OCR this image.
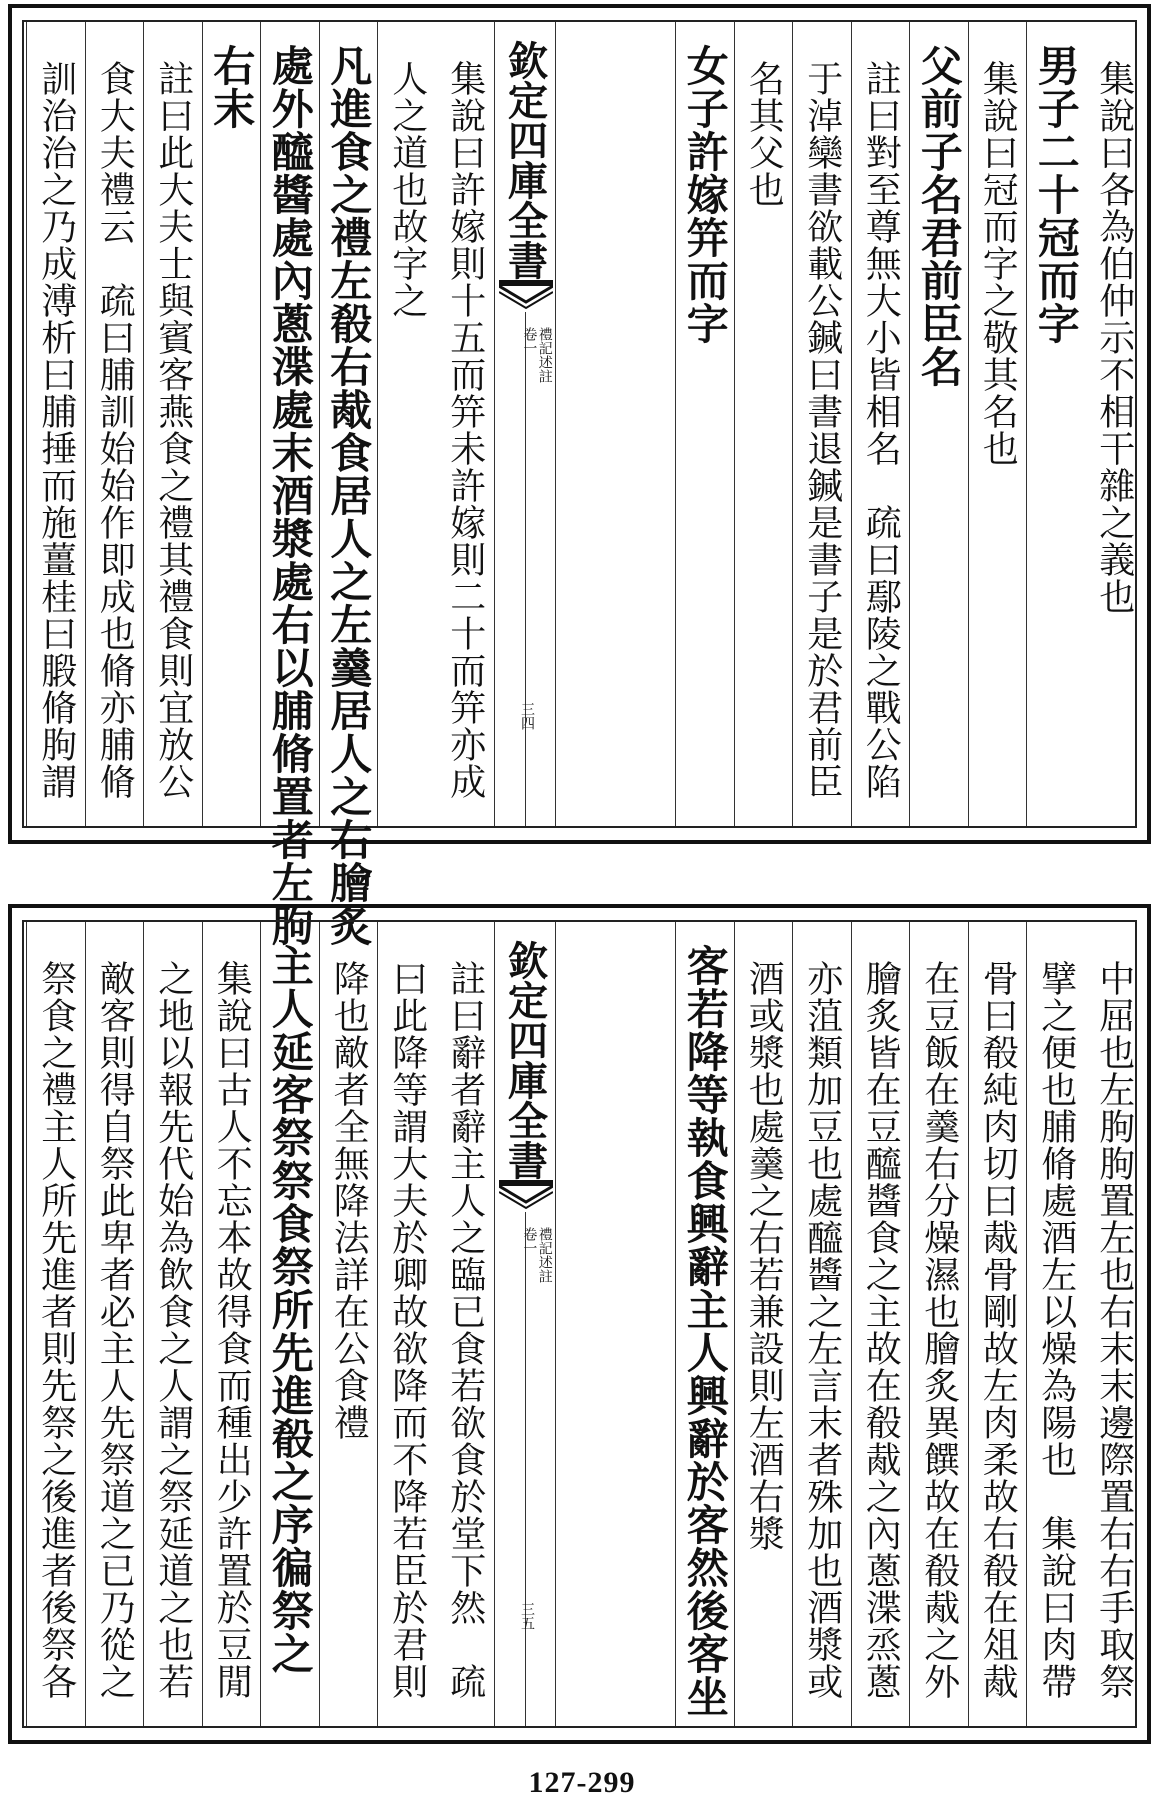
集說曰各為伯仲示不相干雜之義也
男子二十冠而字
集說曰冠而字之敬其名也
父前子名君前臣名
註曰對至尊無大小皆相名　疏曰鄢陵之戰公陷
于淖欒書欲載公鍼曰書退鍼是書子是於君前臣
名其父也
女子許嫁笄而字
欽定四庫全書
禮記述註
卷一
三四
集說曰許嫁則十五而笄未許嫁則二十而笄亦成
人之道也故字之
凡進食之禮左殽右胾食居人之左羹居人之右膾炙
處外醯醬處內蔥渫處末酒漿處右以脯脩置者左朐
右末
註曰此大夫士與賓客燕食之禮其禮食則宜放公
食大夫禮云　疏曰脯訓始始作即成也脩亦脯脩
訓治治之乃成溥析曰脯捶而施薑桂曰腶脩朐謂
中屈也左朐朐置左也右末末邊際置右右手取祭
擘之便也脯脩處酒左以燥為陽也　集說曰肉帶
骨曰殽純肉切曰胾骨剛故左肉柔故右殽在俎胾
在豆飯在羹右分燥濕也膾炙異饌故在殽胾之外
膾炙皆在豆醯醬食之主故在殽胾之內蔥渫烝蔥
亦菹類加豆也處醯醬之左言末者殊加也酒漿或
酒或漿也處羹之右若兼設則左酒右漿
客若降等執食興辭主人興辭於客然後客坐
欽定四庫全書
禮記述註
卷一
三五
註曰辭者辭主人之臨已食若欲食於堂下然　疏
曰此降等謂大夫於卿故欲降而不降若臣於君則
降也敵者全無降法詳在公食禮
主人延客祭祭食祭所先進殽之序徧祭之
集說曰古人不忘本故得食而種出少許置於豆閒
之地以報先代始為飲食之人謂之祭延道之也若
敵客則得自祭此卑者必主人先祭道之已乃從之
祭食之禮主人所先進者則先祭之後進者後祭各
127-299
